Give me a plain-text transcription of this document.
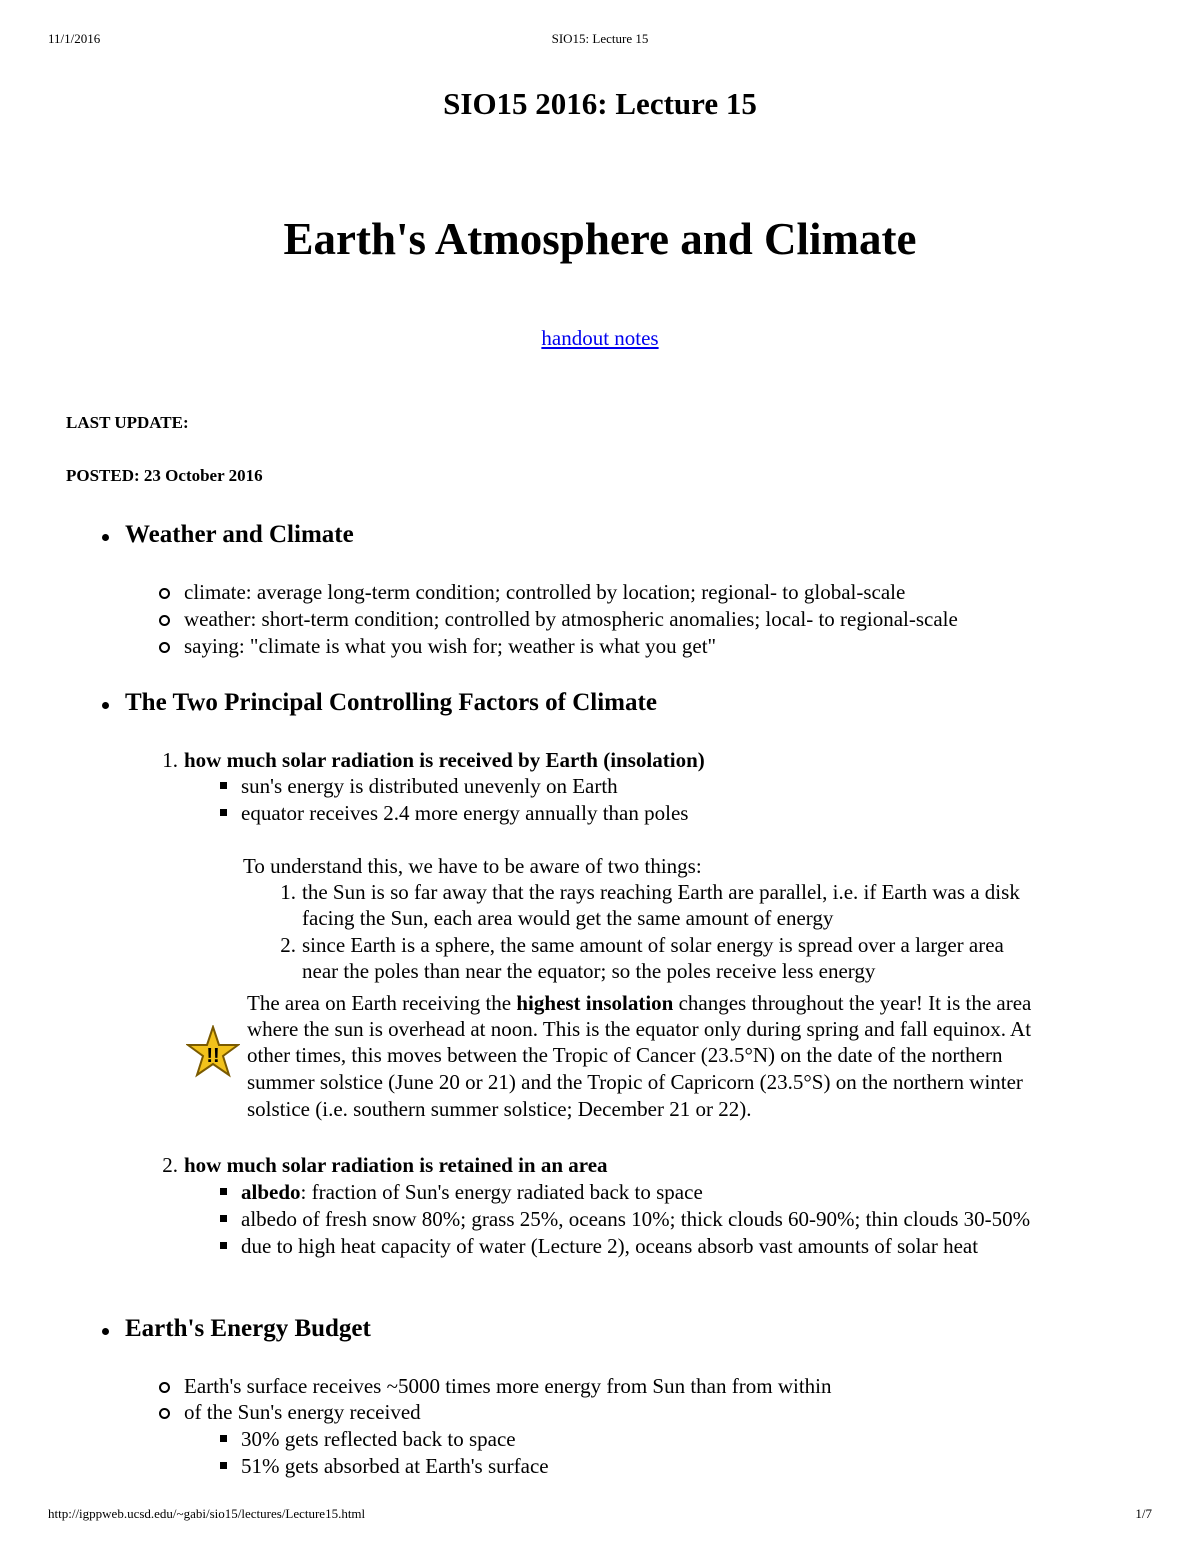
11/1/2016	SIO15: Lecture 15
SIO15 2016: Lecture 15
Earth's Atmosphere and Climate
handout notes
LAST UPDATE:
POSTED: 23 October 2016
Weather and Climate
climate: average long-term condition; controlled by location; regional- to global-scale
weather: short-term condition; controlled by atmospheric anomalies; local- to regional-scale
saying: "climate is what you wish for; weather is what you get"
The Two Principal Controlling Factors of Climate
1. how much solar radiation is received by Earth (insolation)
sun's energy is distributed unevenly on Earth
equator receives 2.4 more energy annually than poles
To understand this, we have to be aware of two things:
1. the Sun is so far away that the rays reaching Earth are parallel, i.e. if Earth was a disk
facing the Sun, each area would get the same amount of energy
2. since Earth is a sphere, the same amount of solar energy is spread over a larger area
near the poles than near the equator; so the poles receive less energy
!!
The area on Earth receiving the highest insolation changes throughout the year! It is the area
where the sun is overhead at noon. This is the equator only during spring and fall equinox. At
other times, this moves between the Tropic of Cancer (23.5°N) on the date of the northern
summer solstice (June 20 or 21) and the Tropic of Capricorn (23.5°S) on the northern winter
solstice (i.e. southern summer solstice; December 21 or 22).
2. how much solar radiation is retained in an area
albedo: fraction of Sun's energy radiated back to space
albedo of fresh snow 80%; grass 25%, oceans 10%; thick clouds 60-90%; thin clouds 30-50%
due to high heat capacity of water (Lecture 2), oceans absorb vast amounts of solar heat
Earth's Energy Budget
Earth's surface receives ~5000 times more energy from Sun than from within
of the Sun's energy received
30% gets reflected back to space
51% gets absorbed at Earth's surface
http://igppweb.ucsd.edu/~gabi/sio15/lectures/Lecture15.html	1/7
